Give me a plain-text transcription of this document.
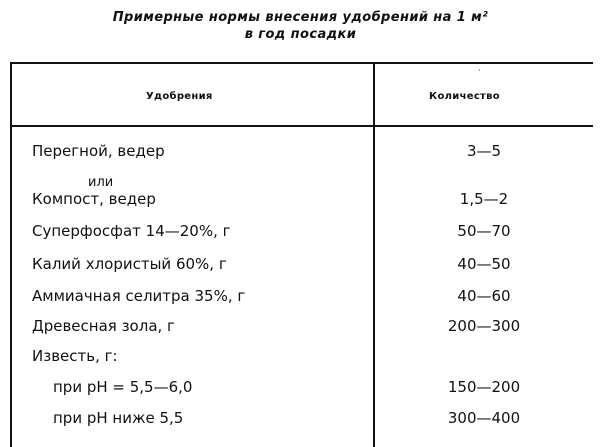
Примерные нормы внесения удобрений на 1 м²
в год посадки
·
Удобрения	Количество
Перегной, ведер	3—5
или
Компост, ведер	1,5—2
Суперфосфат 14—20%, г	50—70
Калий хлористый 60%, г	40—50
Аммиачная селитра 35%, г	40—60
Древесная зола, г	200—300
Известь, г:
при рН = 5,5—6,0	150—200
при рН ниже 5,5	300—400
